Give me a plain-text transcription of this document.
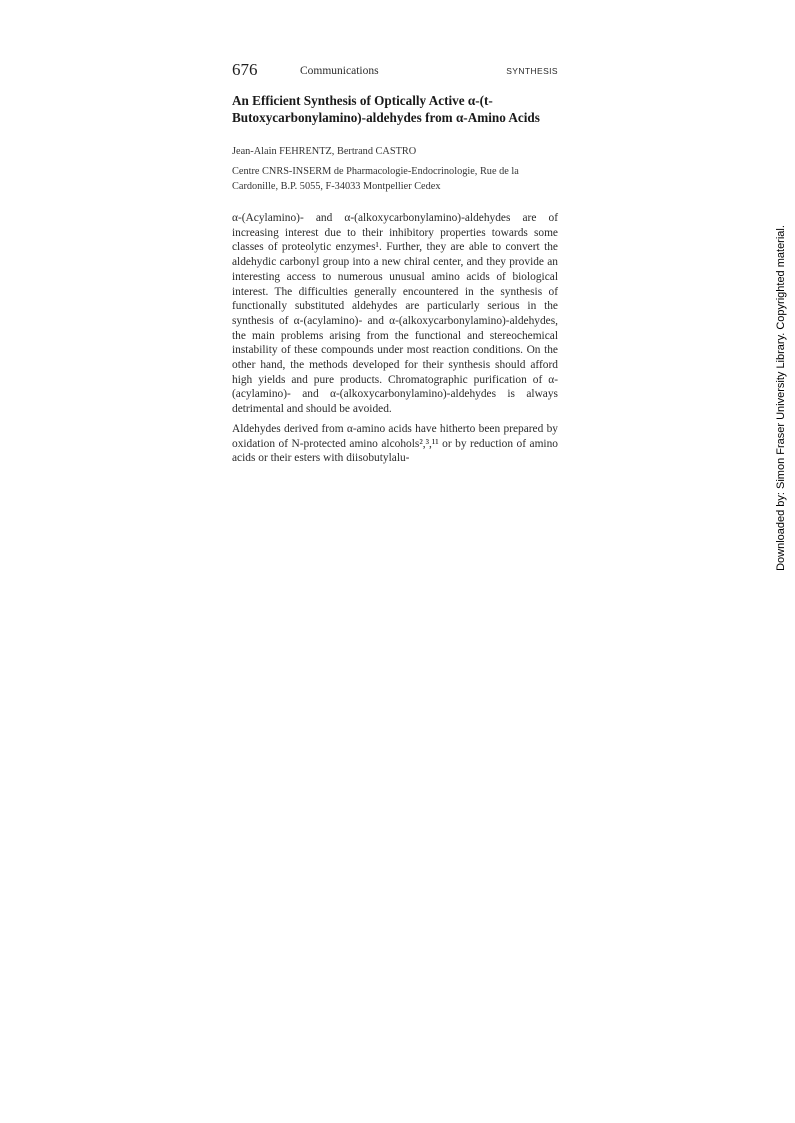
676	Communications	SYNTHESIS
An Efficient Synthesis of Optically Active α-(t-Butoxycarbonylamino)-aldehydes from α-Amino Acids

Jean-Alain FEHRENTZ, Bertrand CASTRO

Centre CNRS-INSERM de Pharmacologie-Endocrinologie, Rue de la Cardonille, B.P. 5055, F-34033 Montpellier Cedex

α-(Acylamino)- and α-(alkoxycarbonylamino)-aldehydes are of increasing interest due to their inhibitory properties towards some classes of proteolytic enzymes¹. Further, they are able to convert the aldehydic carbonyl group into a new chiral center, and they provide an interesting access to numerous unusual amino acids of biological interest. The difficulties generally encountered in the synthesis of functionally substituted aldehydes are particularly serious in the synthesis of α-(acylamino)- and α-(alkoxycarbonylamino)-aldehydes, the main problems arising from the functional and stereochemical instability of these compounds under most reaction conditions. On the other hand, the methods developed for their synthesis should afford high yields and pure products. Chromatographic purification of α-(acylamino)- and α-(alkoxycarbonylamino)-aldehydes is always detrimental and should be avoided.

Aldehydes derived from α-amino acids have hitherto been prepared by oxidation of N-protected amino alcohols²,³,¹¹ or by reduction of amino acids or their esters with diisobutylalu-	Downloaded by: Simon Fraser University Library. Copyrighted material.
